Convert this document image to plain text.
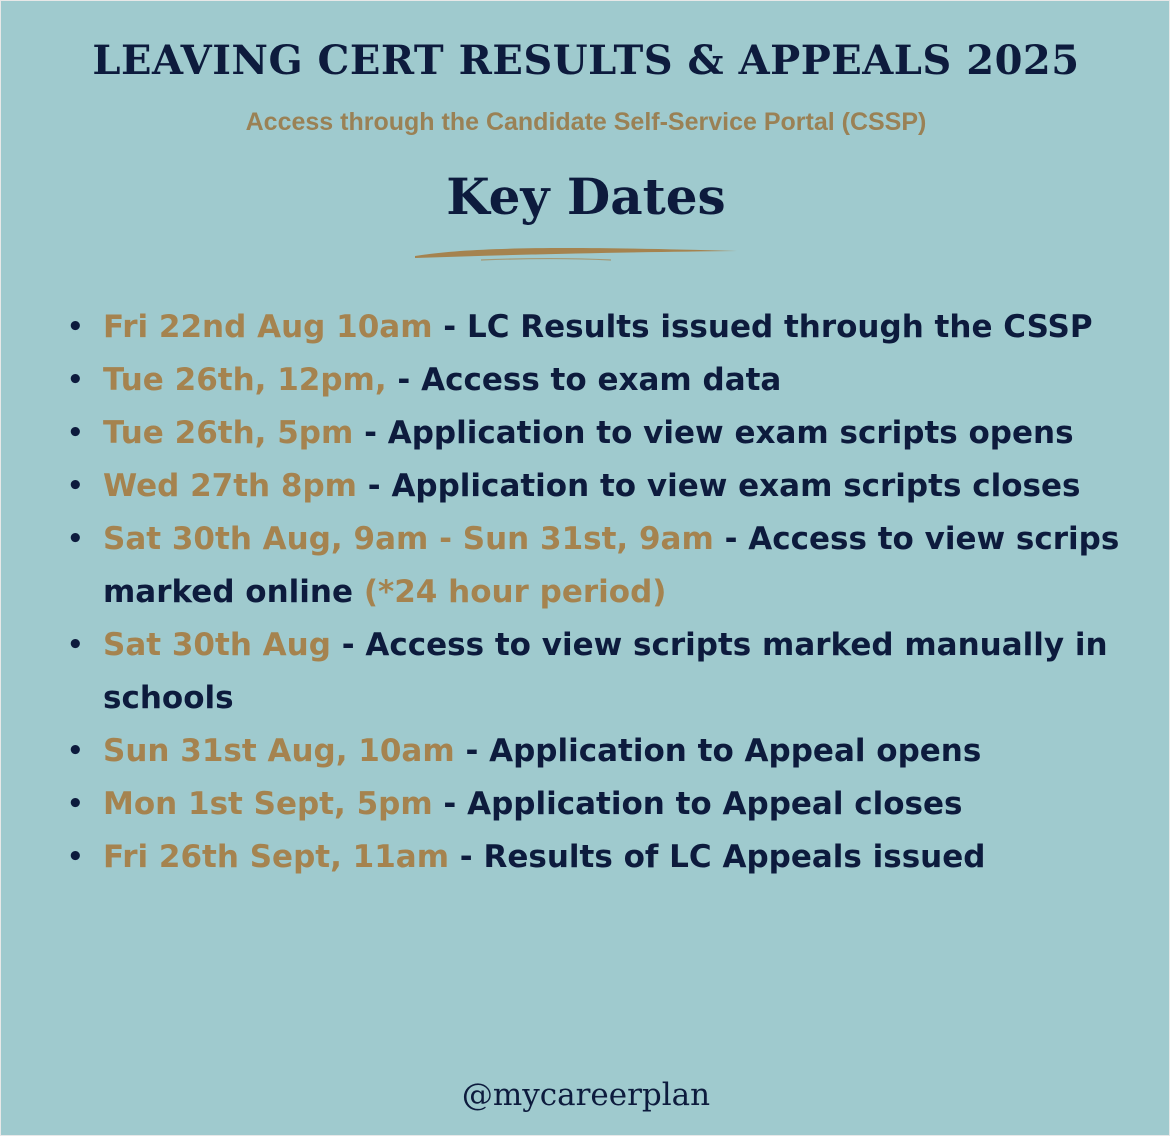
LEAVING CERT RESULTS & APPEALS 2025

Access through the Candidate Self-Service Portal (CSSP)

Key Dates
• Fri 22nd Aug 10am - LC Results issued through the CSSP
• Tue 26th, 12pm, - Access to exam data
• Tue 26th, 5pm - Application to view exam scripts opens
• Wed 27th 8pm - Application to view exam scripts closes
• Sat 30th Aug, 9am - Sun 31st, 9am - Access to view scrips marked online (*24 hour period)
• Sat 30th Aug - Access to view scripts marked manually in schools
• Sun 31st Aug, 10am - Application to Appeal opens
• Mon 1st Sept, 5pm - Application to Appeal closes
• Fri 26th Sept, 11am - Results of LC Appeals issued

@mycareerplan
